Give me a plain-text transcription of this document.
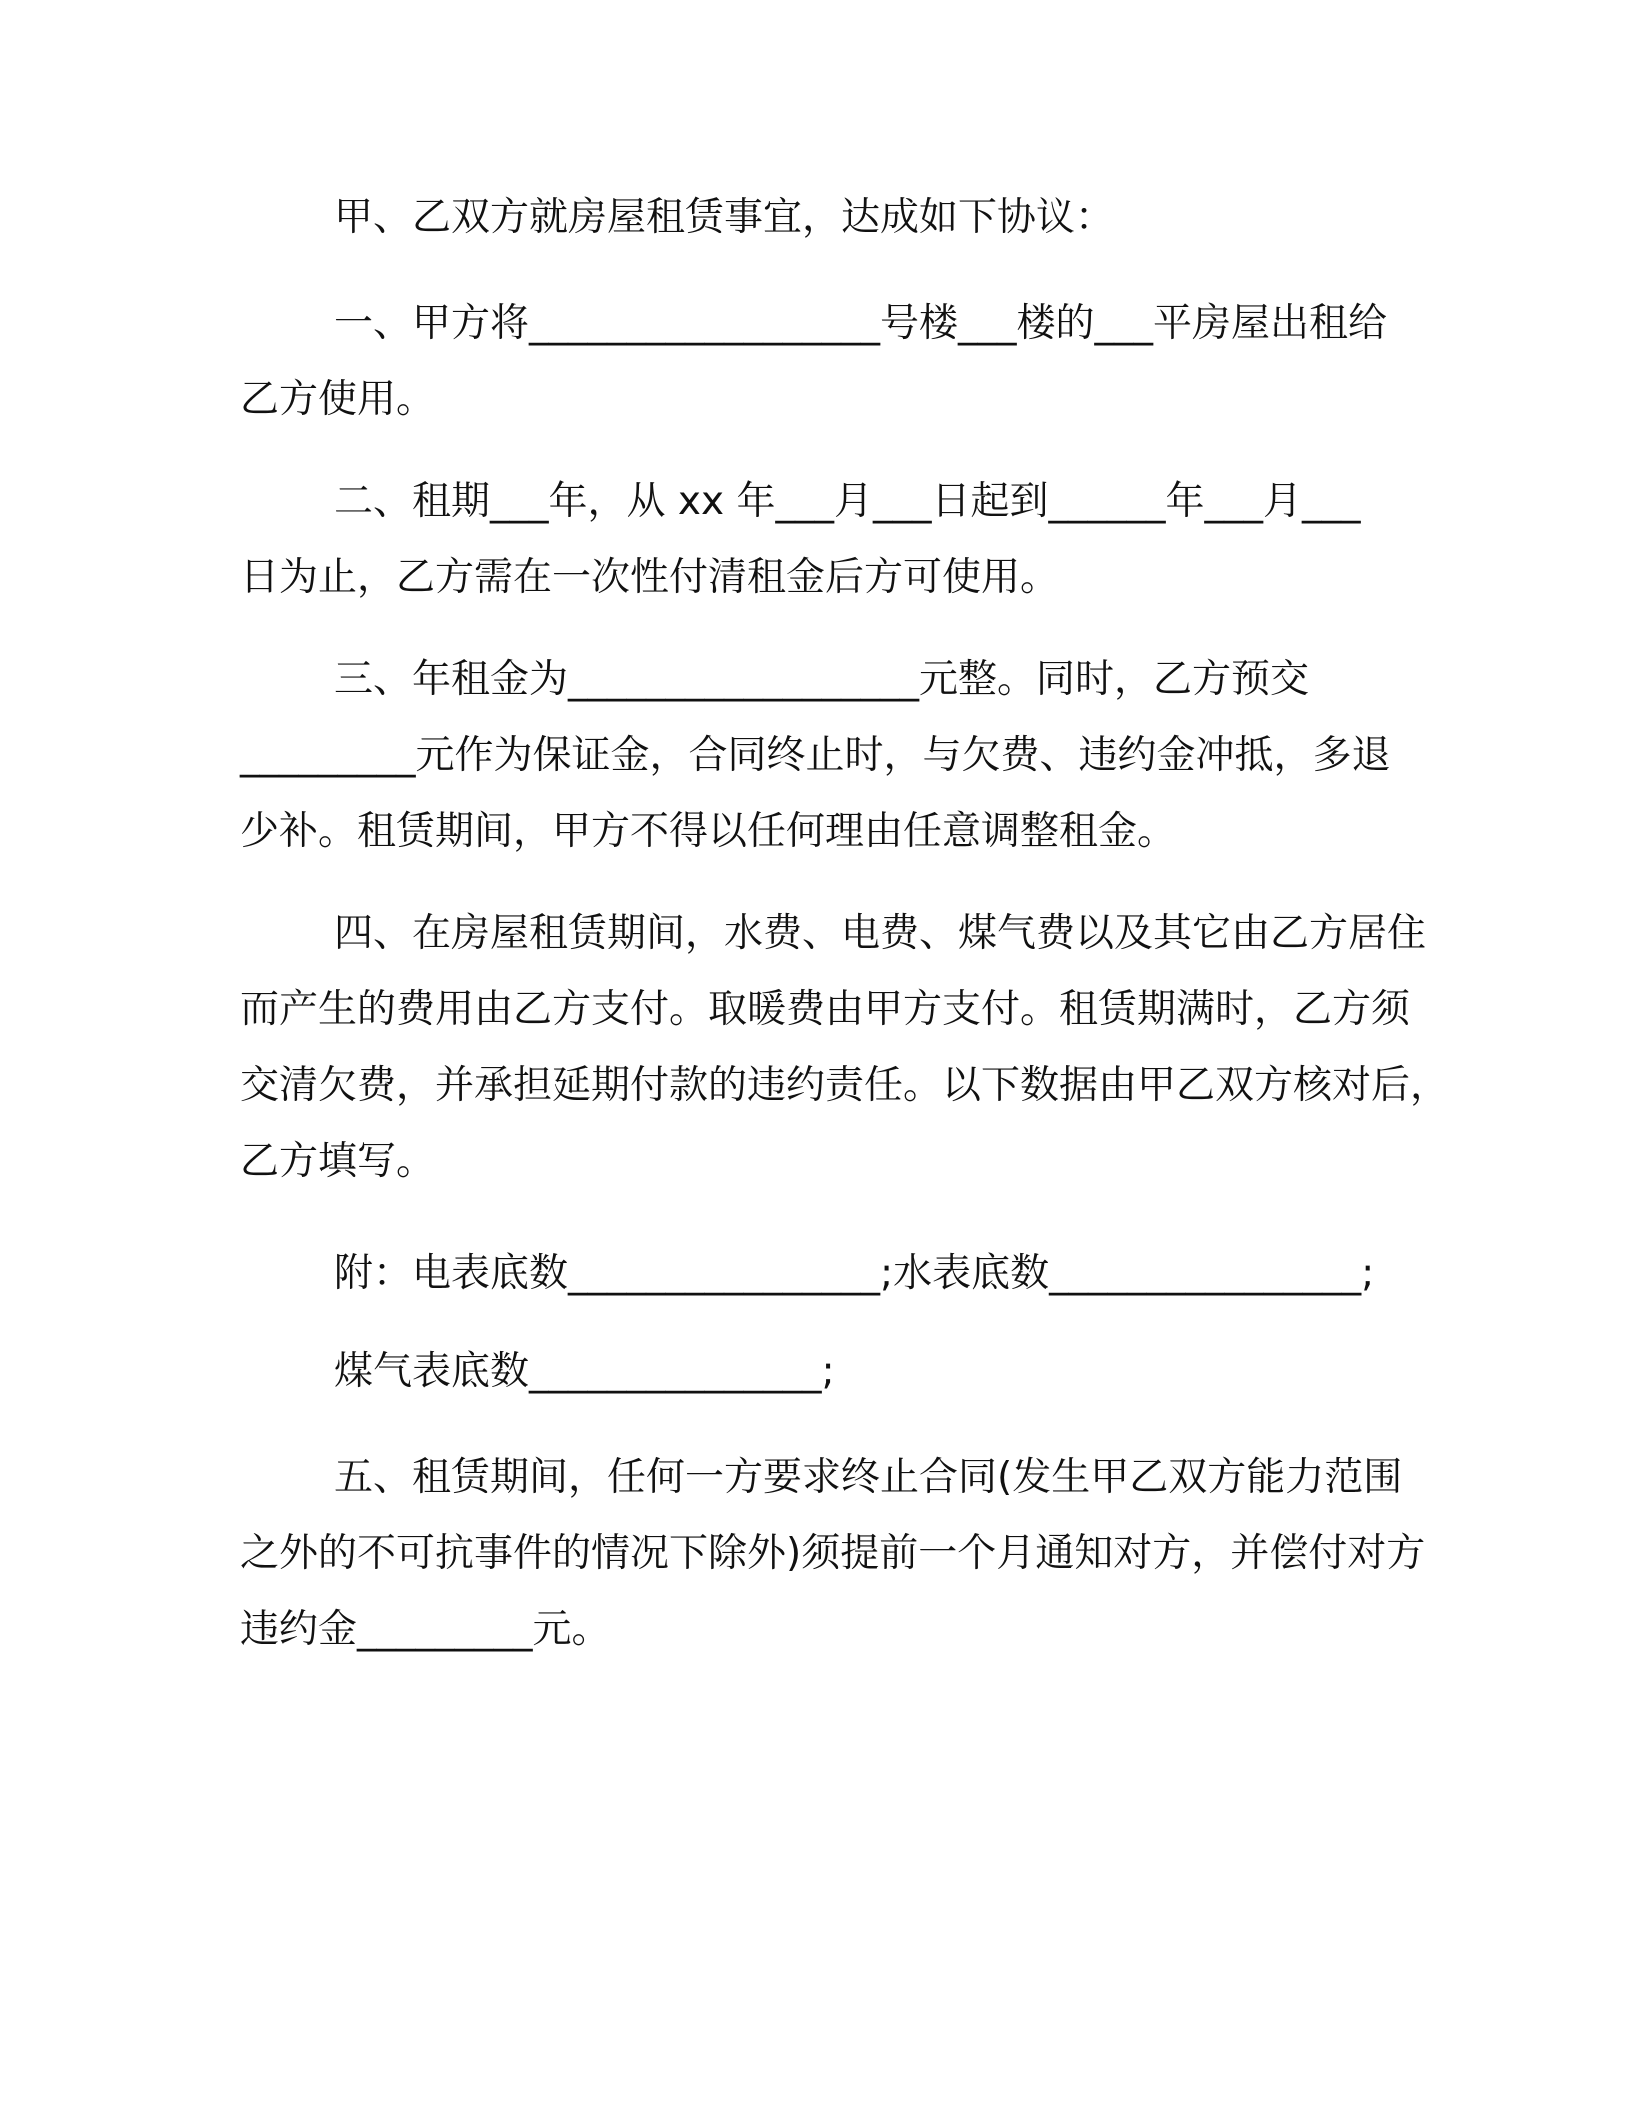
甲、乙双方就房屋租赁事宜，达成如下协议：
一、甲方将__________________号楼___楼的___平房屋出租给
乙方使用。
二、租期___年，从 xx 年___月___日起到______年___月___
日为止，乙方需在一次性付清租金后方可使用。
三、年租金为__________________元整。同时，乙方预交
_________元作为保证金，合同终止时，与欠费、违约金冲抵，多退
少补。租赁期间，甲方不得以任何理由任意调整租金。
四、在房屋租赁期间，水费、电费、煤气费以及其它由乙方居住
而产生的费用由乙方支付。取暖费由甲方支付。租赁期满时，乙方须
交清欠费，并承担延期付款的违约责任。以下数据由甲乙双方核对后，
乙方填写。
附：电表底数________________;水表底数________________;
煤气表底数_______________;
五、租赁期间，任何一方要求终止合同(发生甲乙双方能力范围
之外的不可抗事件的情况下除外)须提前一个月通知对方，并偿付对方
违约金_________元。
